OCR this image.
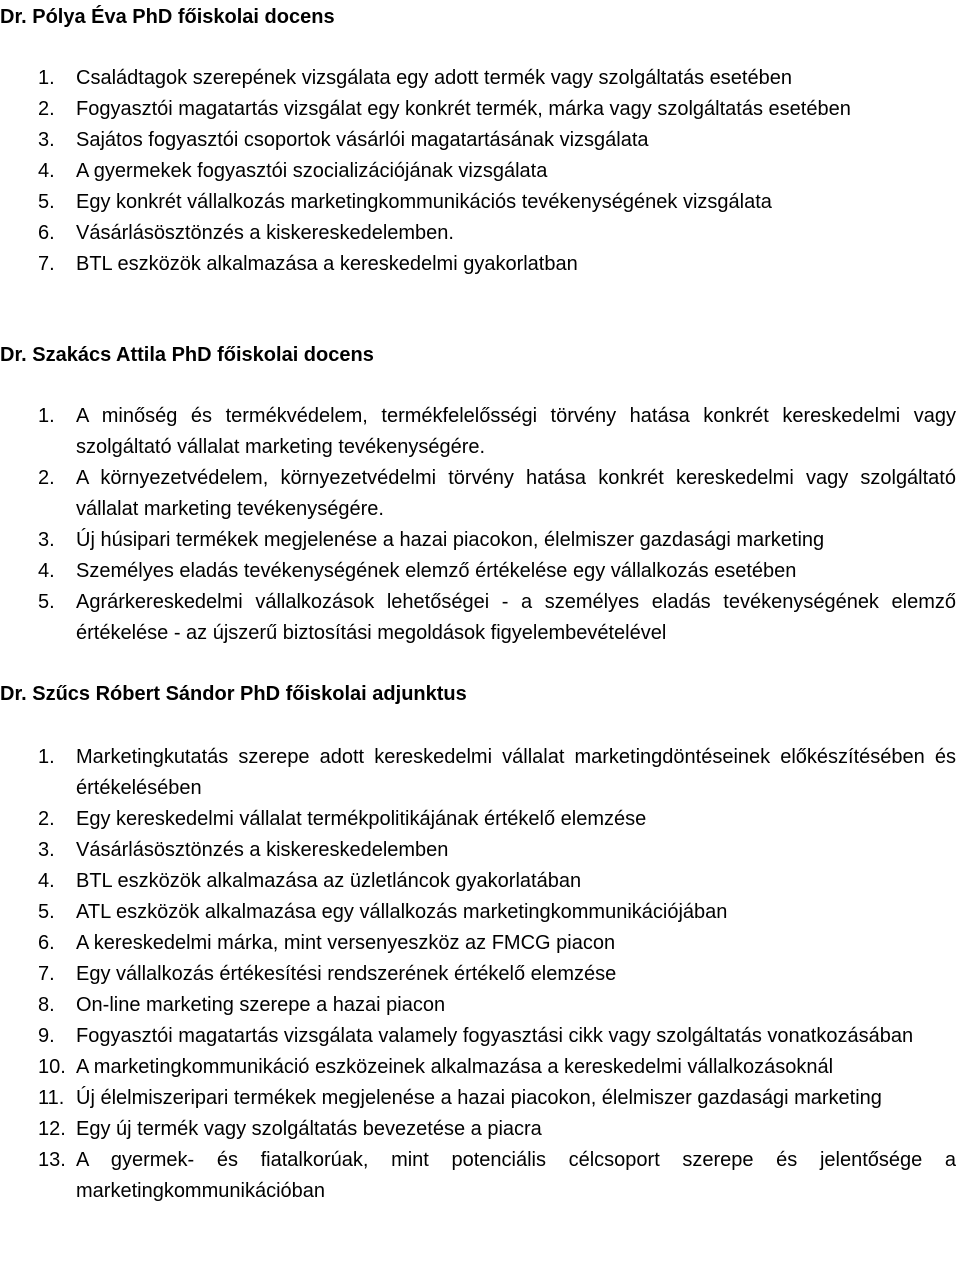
Dr. Pólya Éva PhD főiskolai docens

1.	Családtagok szerepének vizsgálata egy adott termék vagy szolgáltatás esetében
2.	Fogyasztói magatartás vizsgálat egy konkrét termék, márka vagy szolgáltatás esetében
3.	Sajátos fogyasztói csoportok vásárlói magatartásának vizsgálata
4.	A gyermekek fogyasztói szocializációjának vizsgálata
5.	Egy konkrét vállalkozás marketingkommunikációs tevékenységének vizsgálata
6.	Vásárlásösztönzés a kiskereskedelemben.
7.	BTL eszközök alkalmazása a kereskedelmi gyakorlatban

Dr. Szakács Attila PhD főiskolai docens

1.	A minőség és termékvédelem, termékfelelősségi törvény hatása konkrét kereskedelmi vagy szolgáltató vállalat marketing tevékenységére.
2.	A környezetvédelem, környezetvédelmi törvény hatása konkrét kereskedelmi vagy szolgáltató vállalat marketing tevékenységére.
3.	Új húsipari termékek megjelenése a hazai piacokon, élelmiszer gazdasági marketing
4.	Személyes eladás tevékenységének elemző értékelése egy vállalkozás esetében
5.	Agrárkereskedelmi vállalkozások lehetőségei - a személyes eladás tevékenységének elemző értékelése - az újszerű biztosítási megoldások figyelembevételével

Dr. Szűcs Róbert Sándor PhD főiskolai adjunktus

1.	Marketingkutatás szerepe adott kereskedelmi vállalat marketingdöntéseinek előkészítésében és értékelésében
2.	Egy kereskedelmi vállalat termékpolitikájának értékelő elemzése
3.	Vásárlásösztönzés a kiskereskedelemben
4.	BTL eszközök alkalmazása az üzletláncok gyakorlatában
5.	ATL eszközök alkalmazása egy vállalkozás marketingkommunikációjában
6.	A kereskedelmi márka, mint versenyeszköz az FMCG piacon
7.	Egy vállalkozás értékesítési rendszerének értékelő elemzése
8.	On-line marketing szerepe a hazai piacon
9.	Fogyasztói magatartás vizsgálata valamely fogyasztási cikk vagy szolgáltatás vonatkozásában
10. A marketingkommunikáció eszközeinek alkalmazása a kereskedelmi vállalkozásoknál
11. Új élelmiszeripari termékek megjelenése a hazai piacokon, élelmiszer gazdasági marketing
12. Egy új termék vagy szolgáltatás bevezetése a piacra
13. A gyermek- és fiatalkorúak, mint potenciális célcsoport szerepe és jelentősége a marketingkommunikációban
